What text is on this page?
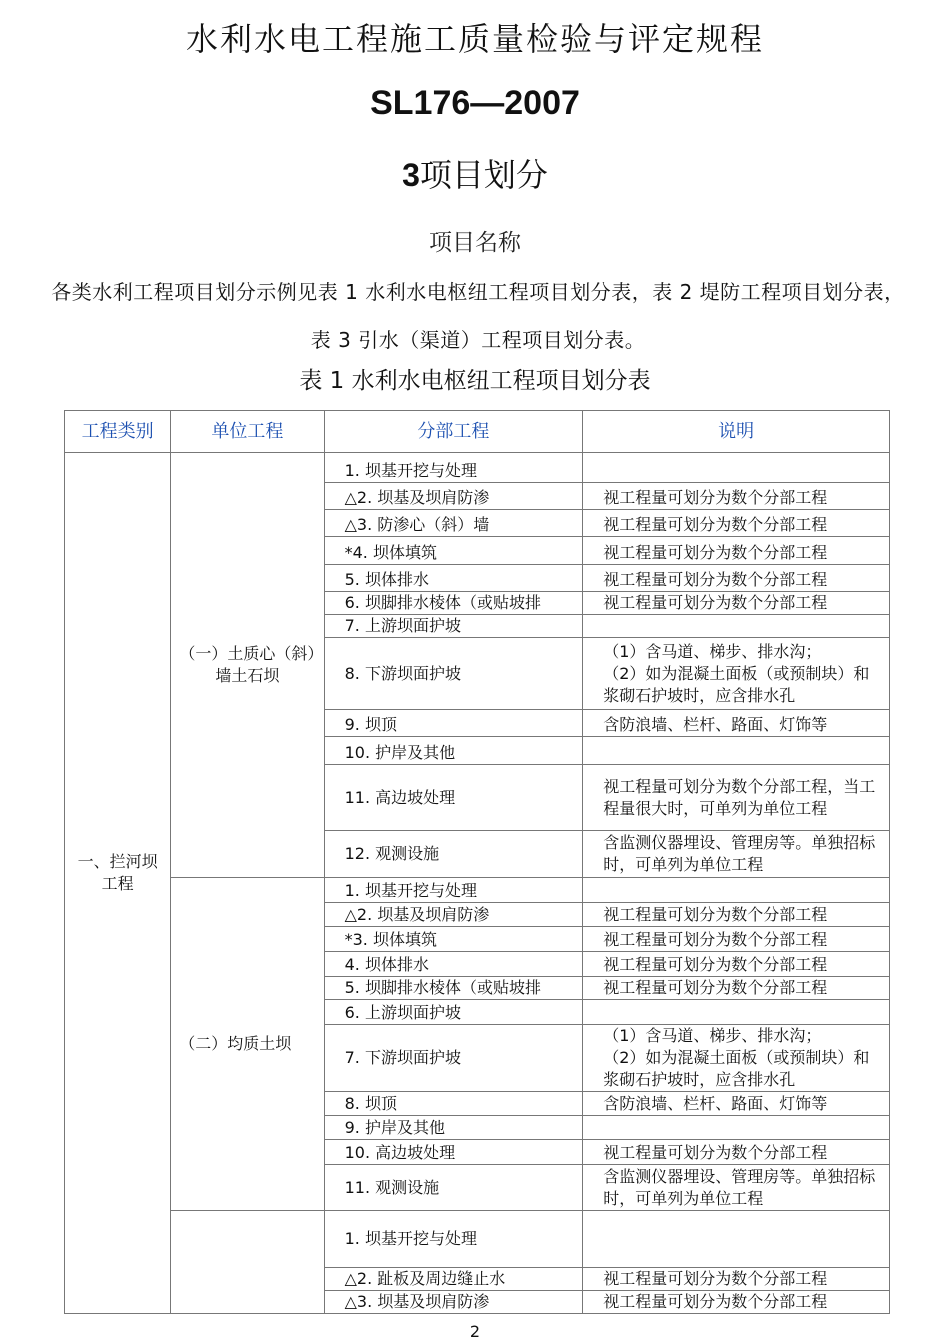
水利水电工程施工质量检验与评定规程
SL176—2007
3项目划分
项目名称
各类水利工程项目划分示例见表 1 水利水电枢纽工程项目划分表，表 2 堤防工程项目划分表，表 3 引水（渠道）工程项目划分表。
表 1 水利水电枢纽工程项目划分表
工程类别	单位工程	分部工程	说明
一、拦河坝工程	（一）土质心（斜）墙土石坝	1. 坝基开挖与处理	
		△2. 坝基及坝肩防渗	视工程量可划分为数个分部工程
		△3. 防渗心（斜）墙	视工程量可划分为数个分部工程
		*4. 坝体填筑	视工程量可划分为数个分部工程
		5. 坝体排水	视工程量可划分为数个分部工程
		6. 坝脚排水棱体（或贴坡排	视工程量可划分为数个分部工程
		7. 上游坝面护坡	
		8. 下游坝面护坡	（1）含马道、梯步、排水沟；
（2）如为混凝土面板（或预制块）和浆砌石护坡时，应含排水孔
		9. 坝顶	含防浪墙、栏杆、路面、灯饰等
		10. 护岸及其他	
		11. 高边坡处理	视工程量可划分为数个分部工程，当工程量很大时，可单列为单位工程
		12. 观测设施	含监测仪器埋设、管理房等。单独招标时，可单列为单位工程
	（二）均质土坝	1. 坝基开挖与处理	
		△2. 坝基及坝肩防渗	视工程量可划分为数个分部工程
		*3. 坝体填筑	视工程量可划分为数个分部工程
		4. 坝体排水	视工程量可划分为数个分部工程
		5. 坝脚排水棱体（或贴坡排	视工程量可划分为数个分部工程
		6. 上游坝面护坡	
		7. 下游坝面护坡	（1）含马道、梯步、排水沟；
（2）如为混凝土面板（或预制块）和浆砌石护坡时，应含排水孔
		8. 坝顶	含防浪墙、栏杆、路面、灯饰等
		9. 护岸及其他	
		10. 高边坡处理	视工程量可划分为数个分部工程
		11. 观测设施	含监测仪器埋设、管理房等。单独招标时，可单列为单位工程
		1. 坝基开挖与处理	
		△2. 趾板及周边缝止水	视工程量可划分为数个分部工程
		△3. 坝基及坝肩防渗	视工程量可划分为数个分部工程
2
